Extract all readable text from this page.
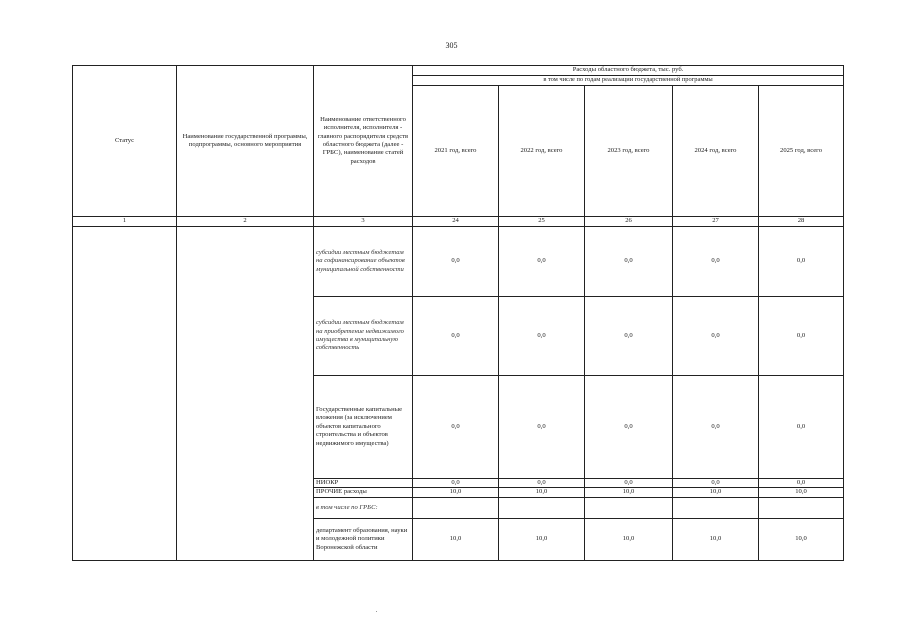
305
Статус	Наименование государственной программы, подпрограммы, основного мероприятия	Наименование ответственного исполнителя, исполнителя - главного распорядителя средств областного бюджета (далее - ГРБС), наименование статей расходов	Расходы областного бюджета, тыс. руб.				
			в том числе по годам реализации государственной программы				
			2021 год, всего	2022 год, всего	2023 год, всего	2024 год, всего	2025 год, всего
1	2	3	24	25	26	27	28
		субсидии местным бюджетам на софинансирование объектов муниципальной собственности	0,0	0,0	0,0	0,0	0,0
		субсидии местным бюджетам на приобретение недвижимого имущества в муниципальную собственность	0,0	0,0	0,0	0,0	0,0
		Государственные капитальные вложения (за исключением объектов капитального строительства и объектов недвижимого имущества)	0,0	0,0	0,0	0,0	0,0
		НИОКР	0,0	0,0	0,0	0,0	0,0
		ПРОЧИЕ расходы	10,0	10,0	10,0	10,0	10,0
		в том числе по ГРБС:					
		департамент образования, науки и молодежной политики Воронежской области	10,0	10,0	10,0	10,0	10,0
